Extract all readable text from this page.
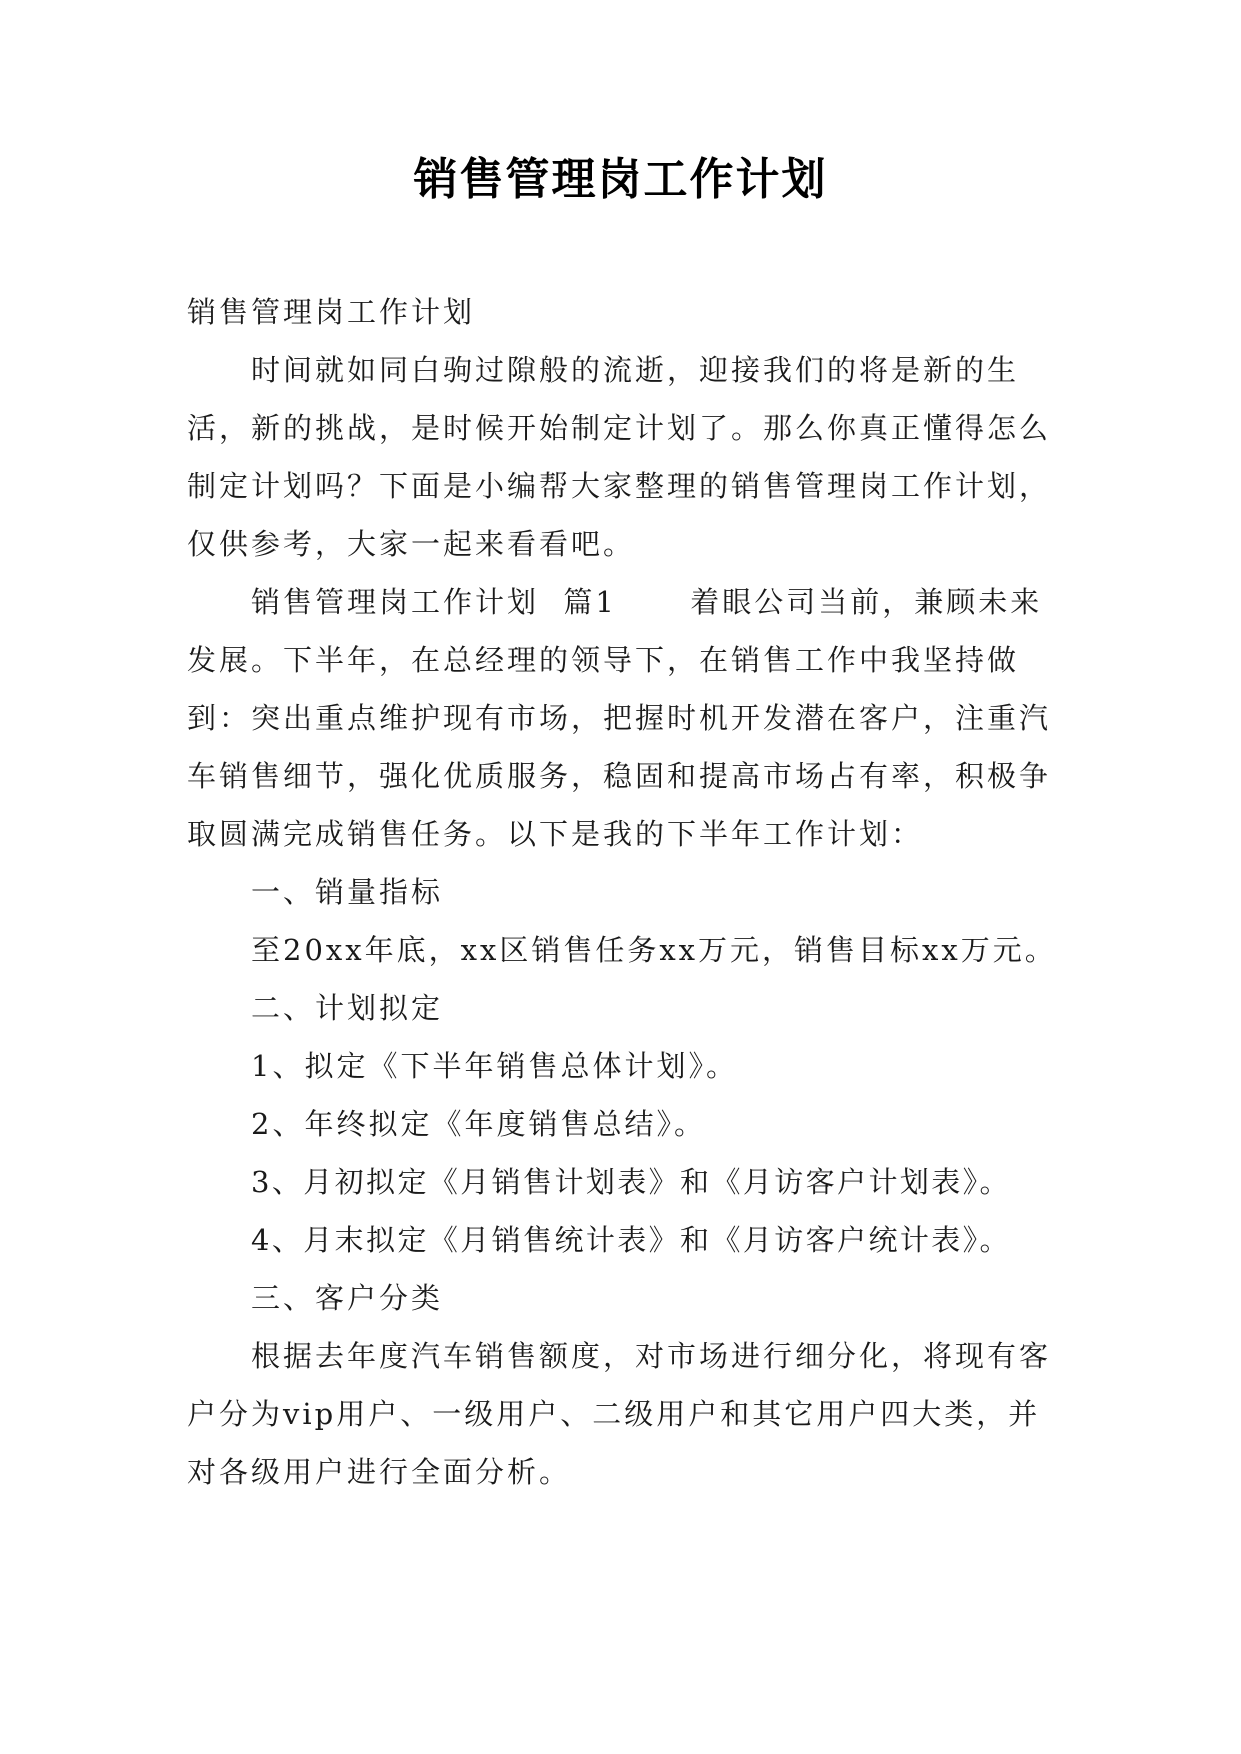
销售管理岗工作计划

销售管理岗工作计划

时间就如同白驹过隙般的流逝，迎接我们的将是新的生活，新的挑战，是时候开始制定计划了。那么你真正懂得怎么制定计划吗？下面是小编帮大家整理的销售管理岗工作计划，仅供参考，大家一起来看看吧。

销售管理岗工作计划  篇1      着眼公司当前，兼顾未来发展。下半年，在总经理的领导下，在销售工作中我坚持做到：突出重点维护现有市场，把握时机开发潜在客户，注重汽车销售细节，强化优质服务，稳固和提高市场占有率，积极争取圆满完成销售任务。以下是我的下半年工作计划：

一、销量指标

至20xx年底，xx区销售任务xx万元，销售目标xx万元。

二、计划拟定

1、拟定《下半年销售总体计划》。

2、年终拟定《年度销售总结》。

3、月初拟定《月销售计划表》和《月访客户计划表》。

4、月末拟定《月销售统计表》和《月访客户统计表》。

三、客户分类

根据去年度汽车销售额度，对市场进行细分化，将现有客户分为vip用户、一级用户、二级用户和其它用户四大类，并对各级用户进行全面分析。
